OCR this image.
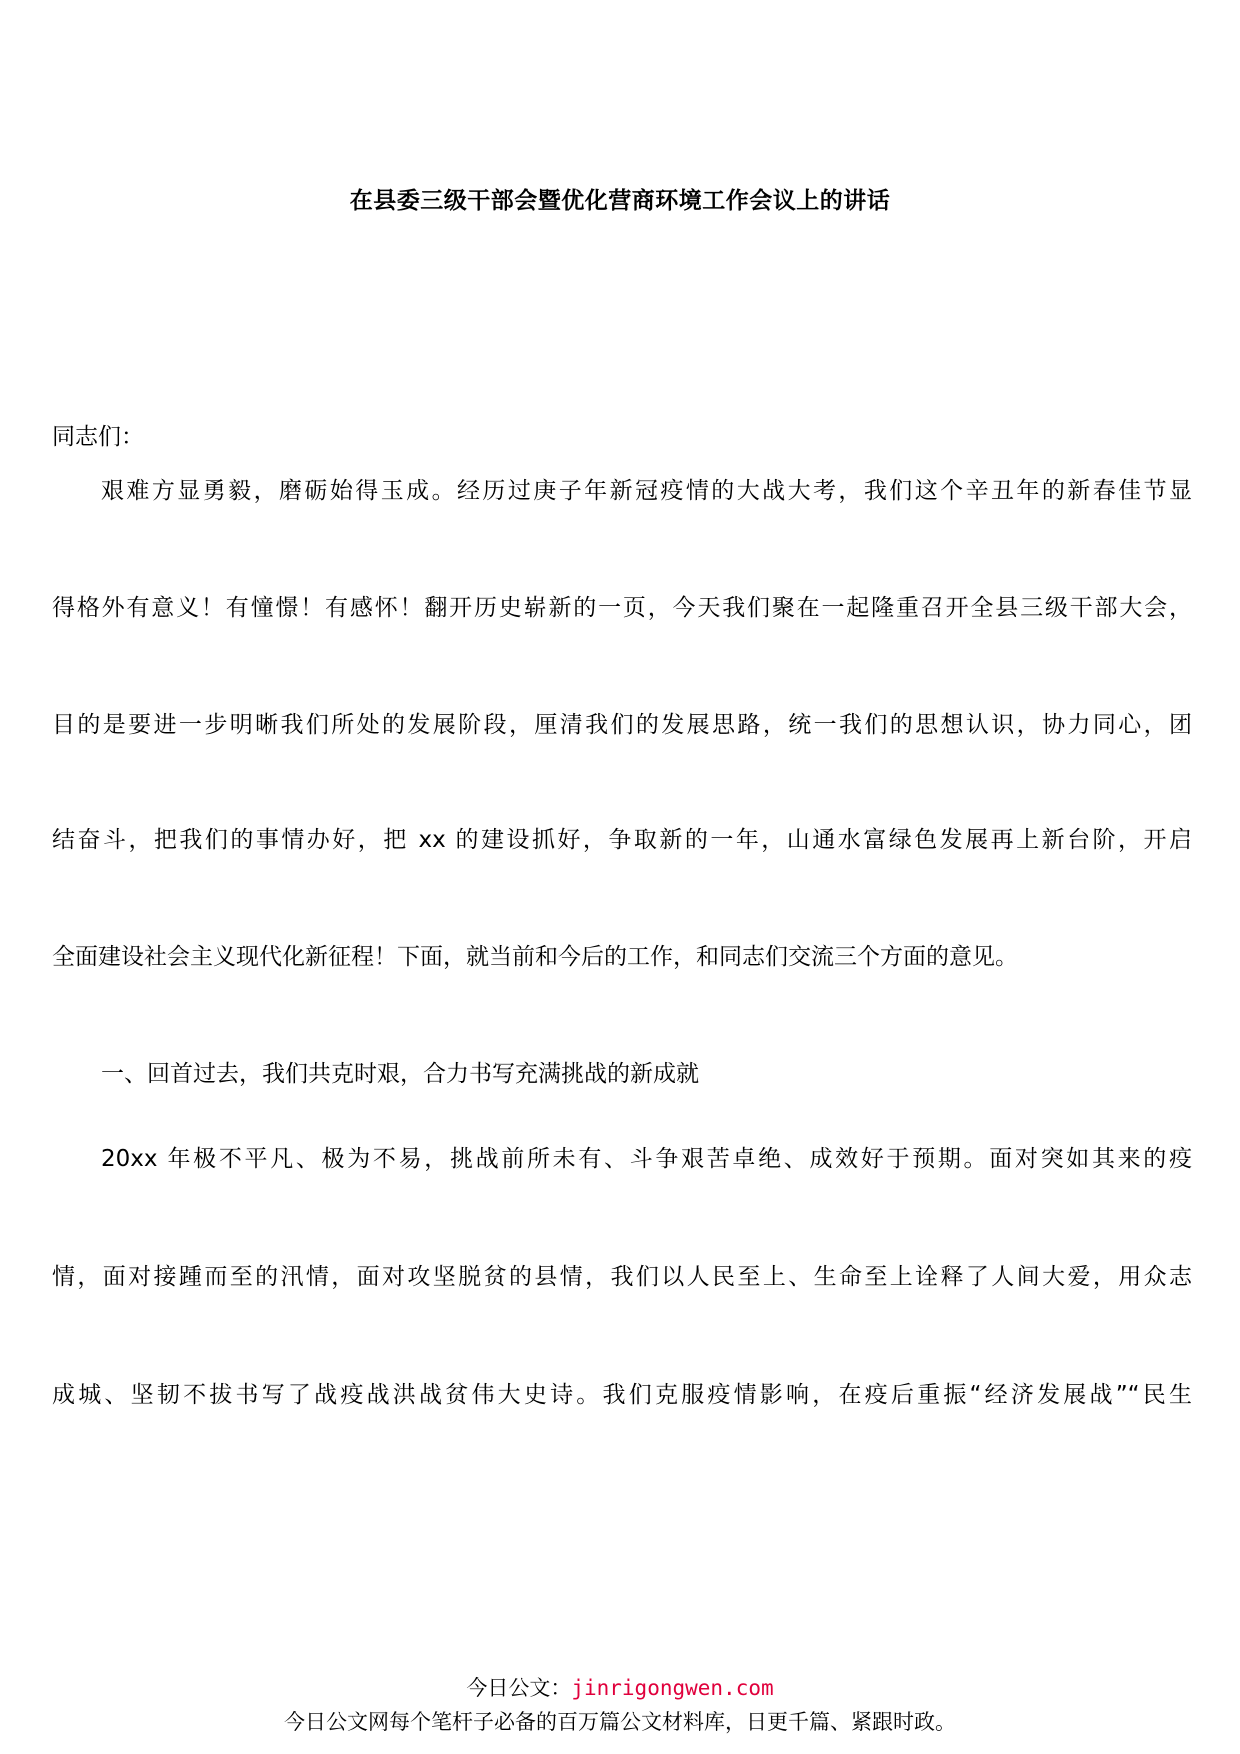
在县委三级干部会暨优化营商环境工作会议上的讲话

同志们：

艰难方显勇毅，磨砺始得玉成。经历过庚子年新冠疫情的大战大考，我们这个辛丑年的新春佳节显

得格外有意义！有憧憬！有感怀！翻开历史崭新的一页，今天我们聚在一起隆重召开全县三级干部大会，

目的是要进一步明晰我们所处的发展阶段，厘清我们的发展思路，统一我们的思想认识，协力同心，团

结奋斗，把我们的事情办好，把 xx 的建设抓好，争取新的一年，山通水富绿色发展再上新台阶，开启

全面建设社会主义现代化新征程！下面，就当前和今后的工作，和同志们交流三个方面的意见。

一、回首过去，我们共克时艰，合力书写充满挑战的新成就

20xx 年极不平凡、极为不易，挑战前所未有、斗争艰苦卓绝、成效好于预期。面对突如其来的疫

情，面对接踵而至的汛情，面对攻坚脱贫的县情，我们以人民至上、生命至上诠释了人间大爱，用众志

成城、坚韧不拔书写了战疫战洪战贫伟大史诗。我们克服疫情影响，在疫后重振“经济发展战”“民生

今日公文：jinrigongwen.com

今日公文网每个笔杆子必备的百万篇公文材料库，日更千篇、紧跟时政。
